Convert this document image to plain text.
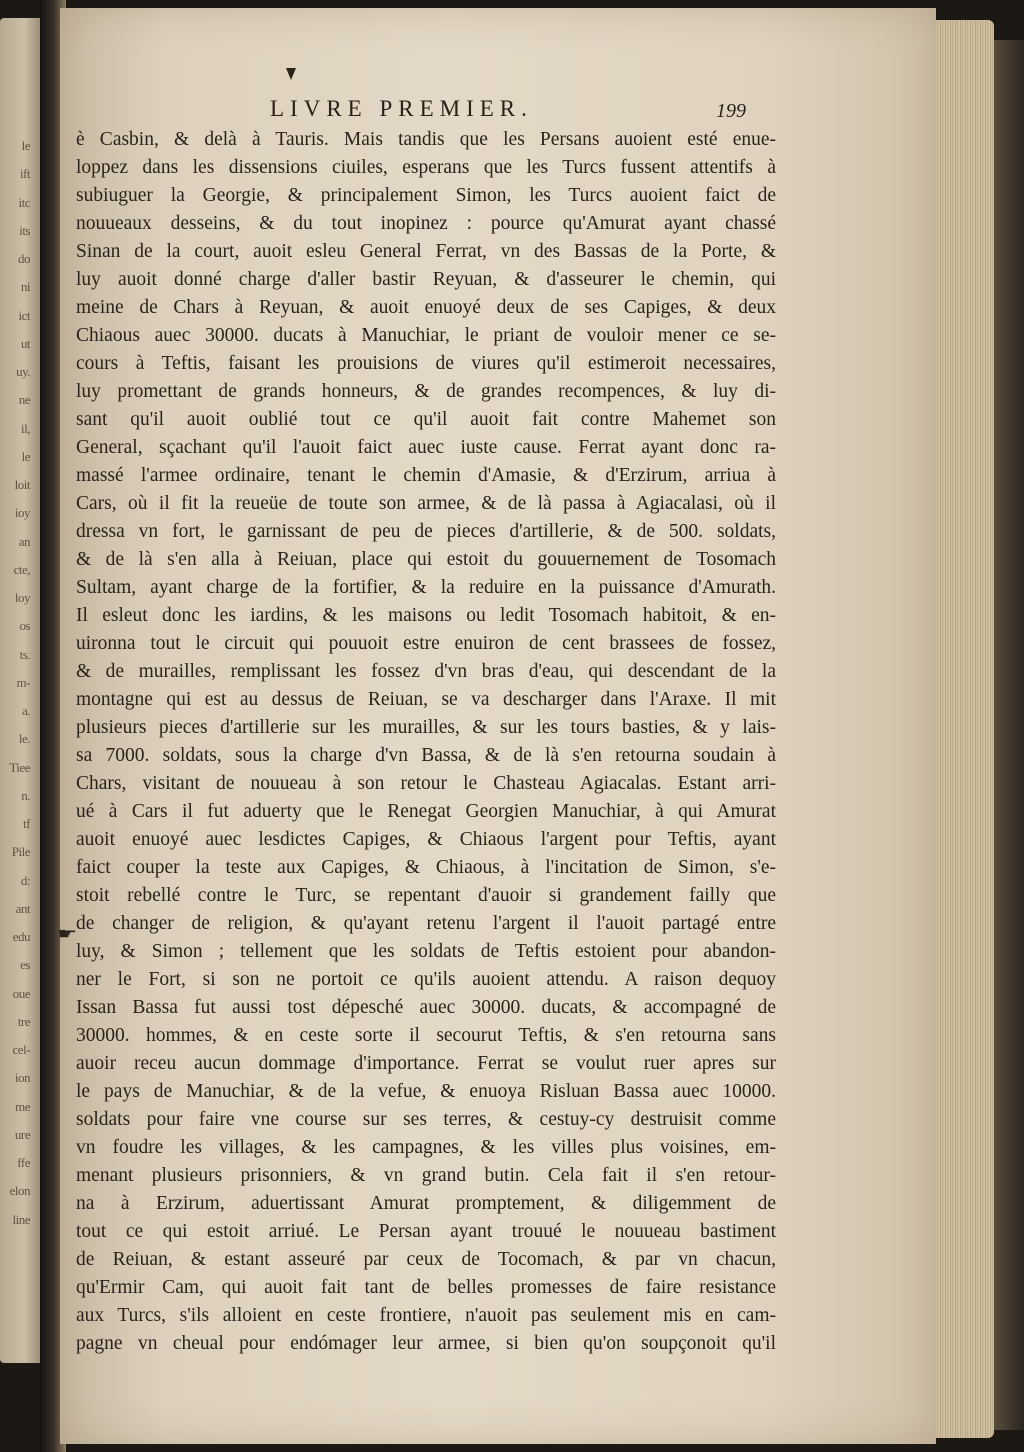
le
ift
itc
its
do
ni
ict
ut
uy.
ne
il,
le
loit
ioy
an
cte,
loy
os
ts.
m-
a.
le.
Tiee
n.
tf
Pile
d:
ant
edu
es
oue
tre
cel-
ion
me
ure
ffe
elon
line
LIVRE PREMIER.	199
☛
è Casbin, & delà à Tauris. Mais tandis que les Persans auoient esté enue-
loppez dans les dissensions ciuiles, esperans que les Turcs fussent attentifs à
subiuguer la Georgie, & principalement Simon, les Turcs auoient faict de
nouueaux desseins, & du tout inopinez : pource qu'Amurat ayant chassé
Sinan de la court, auoit esleu General Ferrat, vn des Bassas de la Porte, &
luy auoit donné charge d'aller bastir Reyuan, & d'asseurer le chemin, qui
meine de Chars à Reyuan, & auoit enuoyé deux de ses Capiges, & deux
Chiaous auec 30000. ducats à Manuchiar, le priant de vouloir mener ce se-
cours à Teftis, faisant les prouisions de viures qu'il estimeroit necessaires,
luy promettant de grands honneurs, & de grandes recompences, & luy di-
sant qu'il auoit oublié tout ce qu'il auoit fait contre Mahemet son
General, sçachant qu'il l'auoit faict auec iuste cause. Ferrat ayant donc ra-
massé l'armee ordinaire, tenant le chemin d'Amasie, & d'Erzirum, arriua à
Cars, où il fit la reueüe de toute son armee, & de là passa à Agiacalasi, où il
dressa vn fort, le garnissant de peu de pieces d'artillerie, & de 500. soldats,
& de là s'en alla à Reiuan, place qui estoit du gouuernement de Tosomach
Sultam, ayant charge de la fortifier, & la reduire en la puissance d'Amurath.
Il esleut donc les iardins, & les maisons ou ledit Tosomach habitoit, & en-
uironna tout le circuit qui pouuoit estre enuiron de cent brassees de fossez,
& de murailles, remplissant les fossez d'vn bras d'eau, qui descendant de la
montagne qui est au dessus de Reiuan, se va descharger dans l'Araxe. Il mit
plusieurs pieces d'artillerie sur les murailles, & sur les tours basties, & y lais-
sa 7000. soldats, sous la charge d'vn Bassa, & de là s'en retourna soudain à
Chars, visitant de nouueau à son retour le Chasteau Agiacalas. Estant arri-
ué à Cars il fut aduerty que le Renegat Georgien Manuchiar, à qui Amurat
auoit enuoyé auec lesdictes Capiges, & Chiaous l'argent pour Teftis, ayant
faict couper la teste aux Capiges, & Chiaous, à l'incitation de Simon, s'e-
stoit rebellé contre le Turc, se repentant d'auoir si grandement failly que
de changer de religion, & qu'ayant retenu l'argent il l'auoit partagé entre
luy, & Simon ; tellement que les soldats de Teftis estoient pour abandon-
ner le Fort, si son ne portoit ce qu'ils auoient attendu. A raison dequoy
Issan Bassa fut aussi tost dépesché auec 30000. ducats, & accompagné de
30000. hommes, & en ceste sorte il secourut Teftis, & s'en retourna sans
auoir receu aucun dommage d'importance. Ferrat se voulut ruer apres sur
le pays de Manuchiar, & de la vefue, & enuoya Risluan Bassa auec 10000.
soldats pour faire vne course sur ses terres, & cestuy-cy destruisit comme
vn foudre les villages, & les campagnes, & les villes plus voisines, em-
menant plusieurs prisonniers, & vn grand butin. Cela fait il s'en retour-
na à Erzirum, aduertissant Amurat promptement, & diligemment de
tout ce qui estoit arriué. Le Persan ayant trouué le nouueau bastiment
de Reiuan, & estant asseuré par ceux de Tocomach, & par vn chacun,
qu'Ermir Cam, qui auoit fait tant de belles promesses de faire resistance
aux Turcs, s'ils alloient en ceste frontiere, n'auoit pas seulement mis en cam-
pagne vn cheual pour endómager leur armee, si bien qu'on soupçonoit qu'il
